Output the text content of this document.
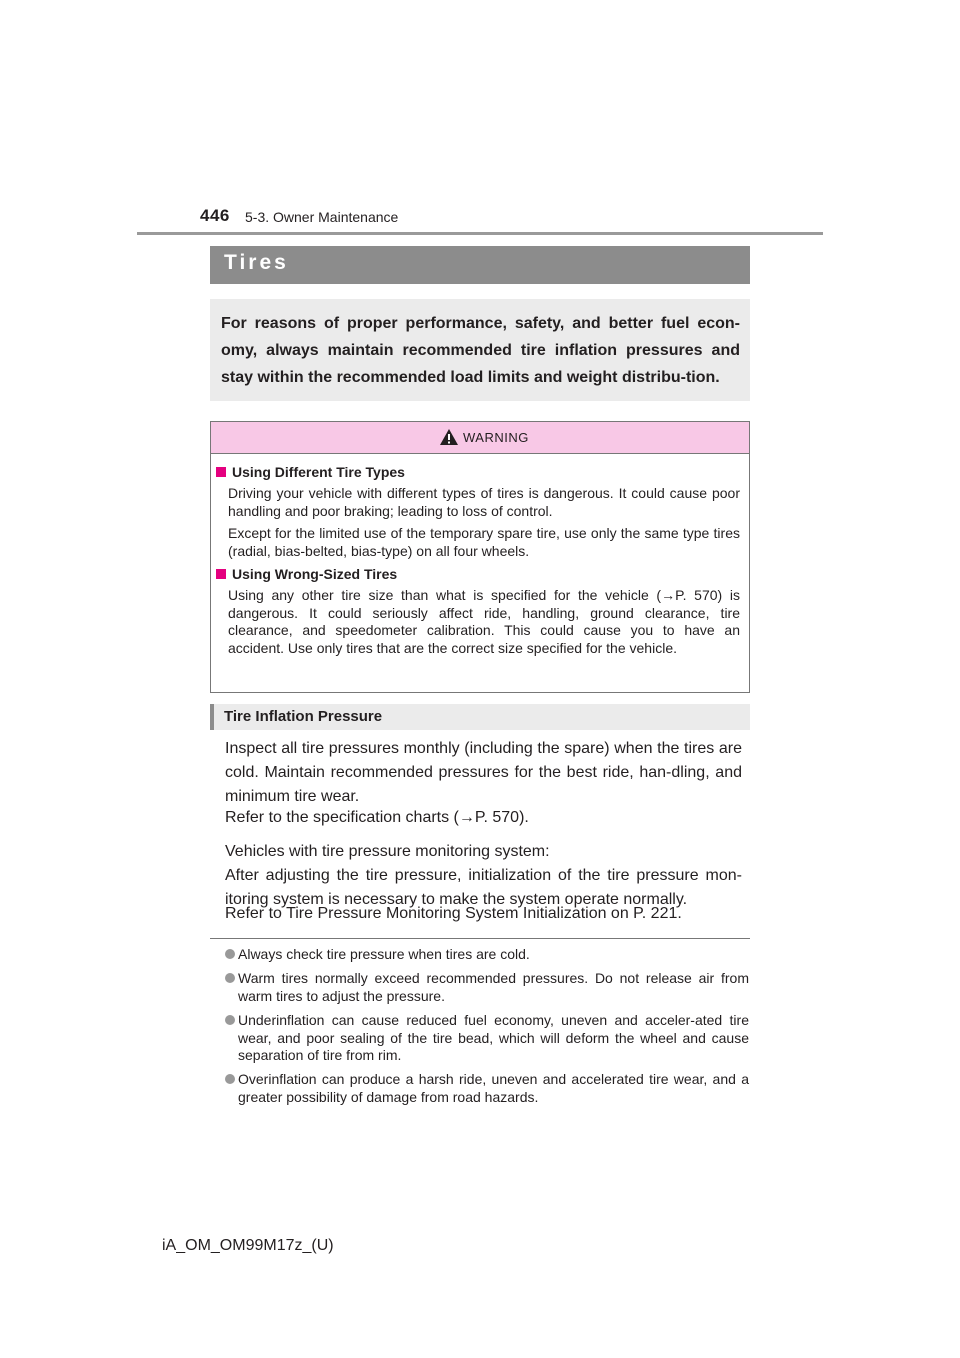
446 5-3. Owner Maintenance
Tires

For reasons of proper performance, safety, and better fuel econ-omy, always maintain recommended tire inflation pressures and stay within the recommended load limits and weight distribu-tion.

WARNING
Using Different Tire Types

Driving your vehicle with different types of tires is dangerous. It could cause poor handling and poor braking; leading to loss of control.

Except for the limited use of the temporary spare tire, use only the same type tires (radial, bias-belted, bias-type) on all four wheels.

Using Wrong-Sized Tires

Using any other tire size than what is specified for the vehicle (→P. 570) is dangerous. It could seriously affect ride, handling, ground clearance, tire clearance, and speedometer calibration. This could cause you to have an accident. Use only tires that are the correct size specified for the vehicle.

Tire Inflation Pressure

Inspect all tire pressures monthly (including the spare) when the tires are cold. Maintain recommended pressures for the best ride, han-dling, and minimum tire wear.

Refer to the specification charts (→P. 570).

Vehicles with tire pressure monitoring system:

After adjusting the tire pressure, initialization of the tire pressure mon-itoring system is necessary to make the system operate normally.

Refer to Tire Pressure Monitoring System Initialization on P. 221.

Always check tire pressure when tires are cold.
Warm tires normally exceed recommended pressures. Do not release air from warm tires to adjust the pressure.
Underinflation can cause reduced fuel economy, uneven and acceler-ated tire wear, and poor sealing of the tire bead, which will deform the wheel and cause separation of tire from rim.
Overinflation can produce a harsh ride, uneven and accelerated tire wear, and a greater possibility of damage from road hazards.
iA_OM_OM99M17z_(U)
